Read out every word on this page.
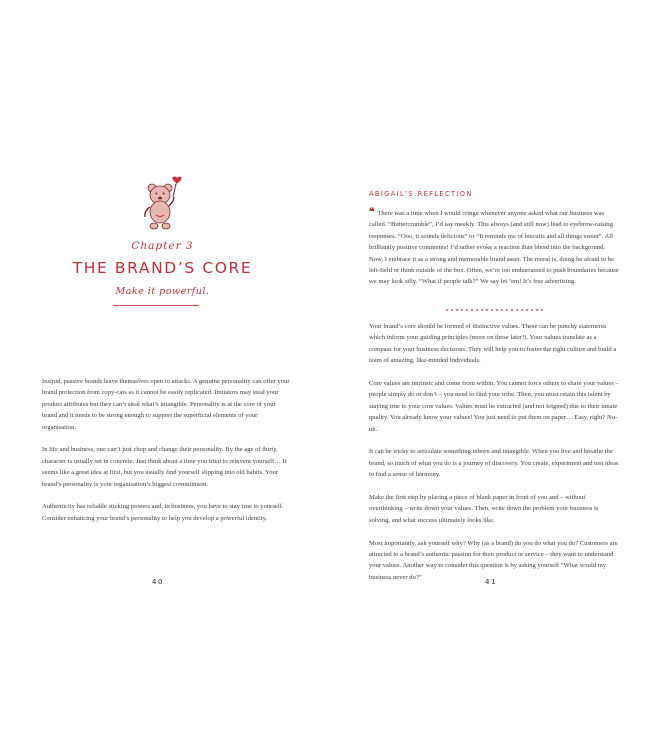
Chapter 3
THE BRAND’S CORE
Make it powerful.

Insipid, passive brands leave themselves open to attacks. A genuine personality can offer your brand protection from copy-cats as it cannot be easily replicated. Imitators may steal your product attributes but they can’t steal what’s intangible. Personality is at the core of your brand and it needs to be strong enough to support the superficial elements of your organisation.

In life and business, one can’t just chop and change their personality. By the age of thirty, character is usually set in concrete. Just think about a time you tried to reinvent yourself… It seems like a great idea at first, but you usually find yourself slipping into old habits. Your brand’s personality is your organisation’s biggest commitment.

Authenticity has reliable sticking powers and, in business, you have to stay true to yourself. Consider enhancing your brand’s personality to help you develop a powerful identity.

40
ABIGAIL’S REFLECTION
❝ There was a time when I would cringe whenever anyone asked what our business was called. “Buttercrumble”, I’d say meekly. This always (and still now) lead to eyebrow-raising responses. “Ooo, it sounds delicious” or “It reminds me of biscuits and all things sweet”. All brilliantly positive comments! I’d rather evoke a reaction than blend into the background. Now, I embrace it as a strong and memorable brand asset. The moral is, doing be afraid to be left-field or think outside of the box. Often, we’re too embarrassed to push boundaries because we may look silly. “What if people talk?” We say let ’em! It’s free advertising.

Your brand’s core should be formed of distinctive values. These can be punchy statements which inform your guiding principles (more on these later!). Your values translate as a compass for your business decisions. They will help you to foster the right culture and build a team of amazing, like-minded individuals.

Core values are intrinsic and come from within. You cannot force others to share your values – people simply do or don’t – you need to find your tribe. Then, you must retain this talent by staying true to your core values. Values must be extracted (and not feigned) due to their innate quality. You already know your values! You just need to put them on paper… Easy, right? Nu-uh.

It can be tricky to articulate something inborn and intangible. When you live and breathe the brand, so much of what you do is a journey of discovery. You create, experiment and test ideas to find a sense of harmony.

Make the first step by placing a piece of blank paper in front of you and – without overthinking – write down your values. Then, write down the problem your business is solving, and what success ultimately looks like.

Most importantly, ask yourself why? Why (as a brand) do you do what you do? Customers are attracted to a brand’s authentic passion for their product or service – they want to understand your values. Another way to consider this question is by asking yourself “What would my business never do?”

41
